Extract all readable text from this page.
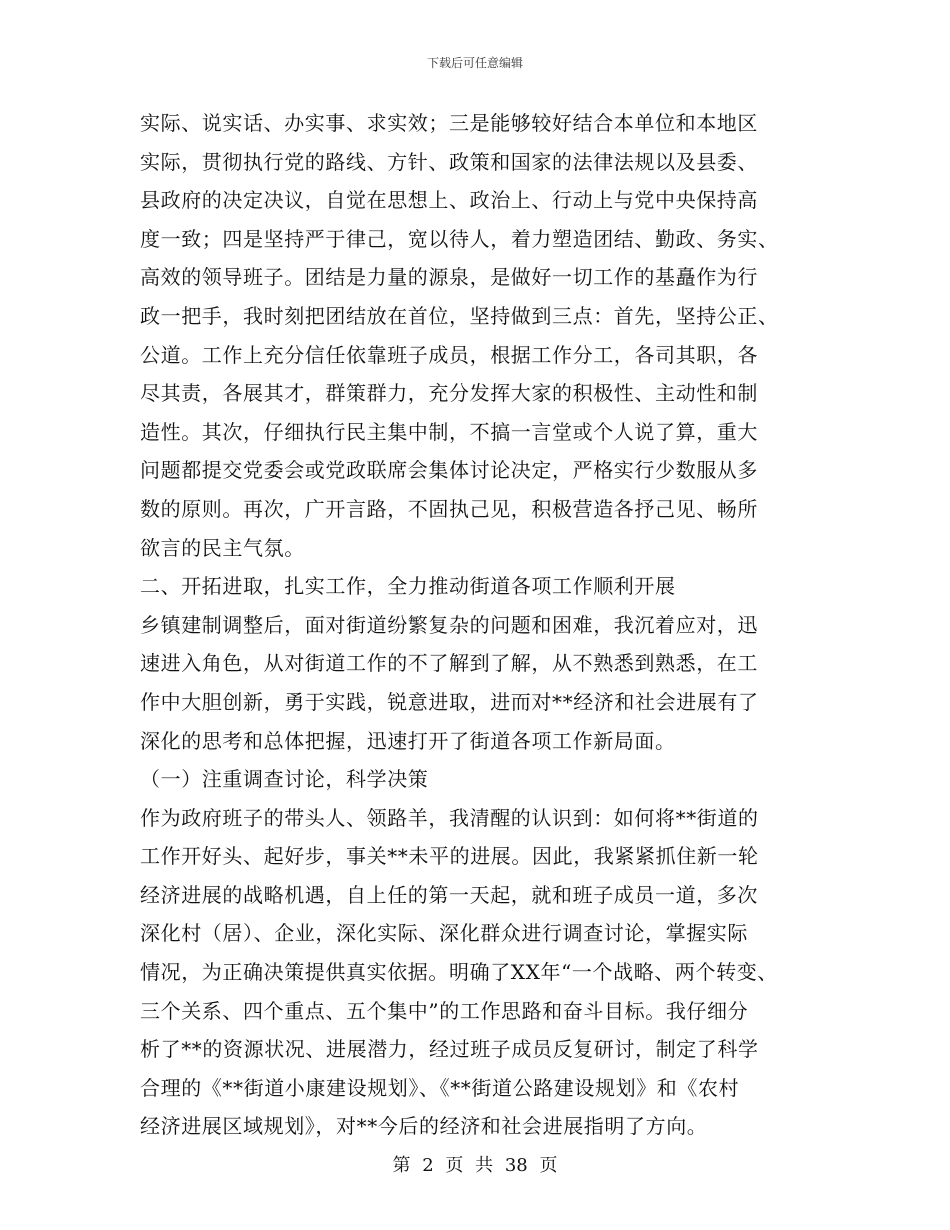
下载后可任意编辑
实际、说实话、办实事、求实效；三是能够较好结合本单位和本地区
实际，贯彻执行党的路线、方针、政策和国家的法律法规以及县委、
县政府的决定决议，自觉在思想上、政治上、行动上与党中央保持高
度一致；四是坚持严于律己，宽以待人，着力塑造团结、勤政、务实、
高效的领导班子。团结是力量的源泉，是做好一切工作的基矗作为行
政一把手，我时刻把团结放在首位，坚持做到三点：首先，坚持公正、
公道。工作上充分信任依靠班子成员，根据工作分工，各司其职，各
尽其责，各展其才，群策群力，充分发挥大家的积极性、主动性和制
造性。其次，仔细执行民主集中制，不搞一言堂或个人说了算，重大
问题都提交党委会或党政联席会集体讨论决定，严格实行少数服从多
数的原则。再次，广开言路，不固执己见，积极营造各抒己见、畅所
欲言的民主气氛。
二、开拓进取，扎实工作，全力推动街道各项工作顺利开展
乡镇建制调整后，面对街道纷繁复杂的问题和困难，我沉着应对，迅
速进入角色，从对街道工作的不了解到了解，从不熟悉到熟悉，在工
作中大胆创新，勇于实践，锐意进取，进而对**经济和社会进展有了
深化的思考和总体把握，迅速打开了街道各项工作新局面。
（一）注重调查讨论，科学决策
作为政府班子的带头人、领路羊，我清醒的认识到：如何将**街道的
工作开好头、起好步，事关**未平的进展。因此，我紧紧抓住新一轮
经济进展的战略机遇，自上任的第一天起，就和班子成员一道，多次
深化村（居）、企业，深化实际、深化群众进行调查讨论，掌握实际
情况，为正确决策提供真实依据。明确了XX年“一个战略、两个转变、
三个关系、四个重点、五个集中”的工作思路和奋斗目标。我仔细分
析了**的资源状况、进展潜力，经过班子成员反复研讨，制定了科学
合理的《**街道小康建设规划》、《**街道公路建设规划》和《农村
经济进展区域规划》，对**今后的经济和社会进展指明了方向。
第 2 页 共 38 页
